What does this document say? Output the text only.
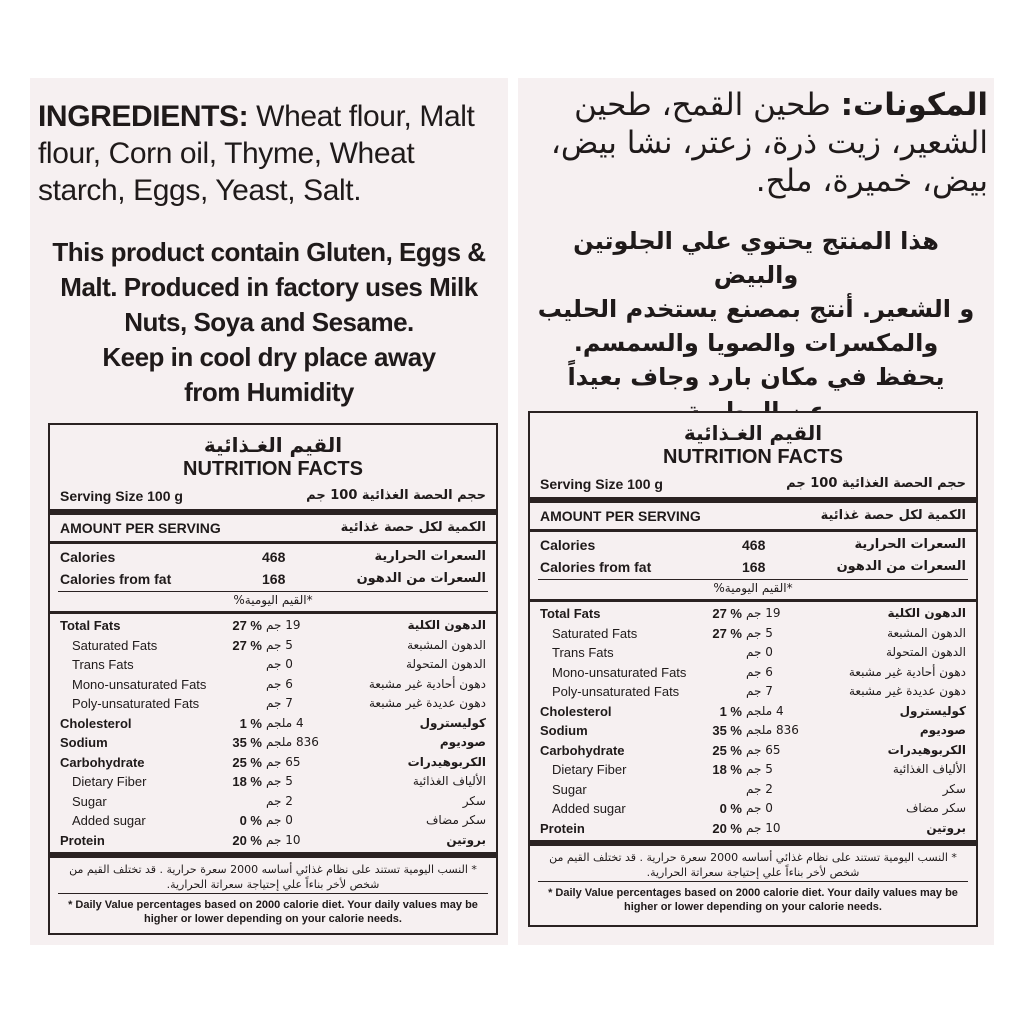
INGREDIENTS: Wheat flour, Malt flour, Corn oil, Thyme, Wheat starch, Eggs, Yeast, Salt.
This product contain Gluten, Eggs &
Malt. Produced in factory uses Milk
Nuts, Soya and Sesame.
Keep in cool dry place away
from Humidity
القيم الغـذائية
NUTRITION FACTS
Serving Size 100 g	حجم الحصة الغذائية 100 جم
AMOUNT PER SERVING	الكمية لكل حصة غذائية
Calories	468	السعرات الحرارية
Calories from fat	168	السعرات من الدهون
*القيم اليومية%
Total Fats	27 % 19 جم	الدهون الكلية
Saturated Fats	27 % 5 جم	الدهون المشبعة
Trans Fats	0 جم	الدهون المتحولة
Mono-unsaturated Fats	6 جم	دهون أحادية غير مشبعة
Poly-unsaturated Fats	7 جم	دهون عديدة غير مشبعة
Cholesterol	1 % 4 ملجم	كوليسترول
Sodium	35 % 836 ملجم	صوديوم
Carbohydrate	25 % 65 جم	الكربوهيدرات
Dietary Fiber	18 % 5 جم	الألياف الغذائية
Sugar	2 جم	سكر
Added sugar	0 % 0 جم	سكر مضاف
Protein	20 % 10 جم	بروتين
* النسب اليومية تستند على نظام غذائي أساسه 2000 سعرة حرارية . قد تختلف القيم من شخص لأخر بناءاً علي إحتياجة سعراتة الحرارية.
* Daily Value percentages based on 2000 calorie diet. Your daily values may be higher or lower depending on your calorie needs.
المكونات: طحين القمح، طحين الشعير، زيت ذرة، زعتر، نشا بيض، بيض، خميرة، ملح.
هذا المنتج يحتوي علي الجلوتين والبيض
و الشعير. أنتج بمصنع يستخدم الحليب
والمكسرات والصويا والسمسم.
يحفظ في مكان بارد وجاف بعيداً
القيم الغـذائية
NUTRITION FACTS
Serving Size 100 g	حجم الحصة الغذائية 100 جم
AMOUNT PER SERVING	الكمية لكل حصة غذائية
Calories	468	السعرات الحرارية
Calories from fat	168	السعرات من الدهون
*القيم اليومية%
Total Fats	27 % 19 جم	الدهون الكلية
Saturated Fats	27 % 5 جم	الدهون المشبعة
Trans Fats	0 جم	الدهون المتحولة
Mono-unsaturated Fats	6 جم	دهون أحادية غير مشبعة
Poly-unsaturated Fats	7 جم	دهون عديدة غير مشبعة
Cholesterol	1 % 4 ملجم	كوليسترول
Sodium	35 % 836 ملجم	صوديوم
Carbohydrate	25 % 65 جم	الكربوهيدرات
Dietary Fiber	18 % 5 جم	الألياف الغذائية
Sugar	2 جم	سكر
Added sugar	0 % 0 جم	سكر مضاف
Protein	20 % 10 جم	بروتين
* النسب اليومية تستند على نظام غذائي أساسه 2000 سعرة حرارية . قد تختلف القيم من شخص لأخر بناءاً علي إحتياجة سعراتة الحرارية.
* Daily Value percentages based on 2000 calorie diet. Your daily values may be higher or lower depending on your calorie needs.
